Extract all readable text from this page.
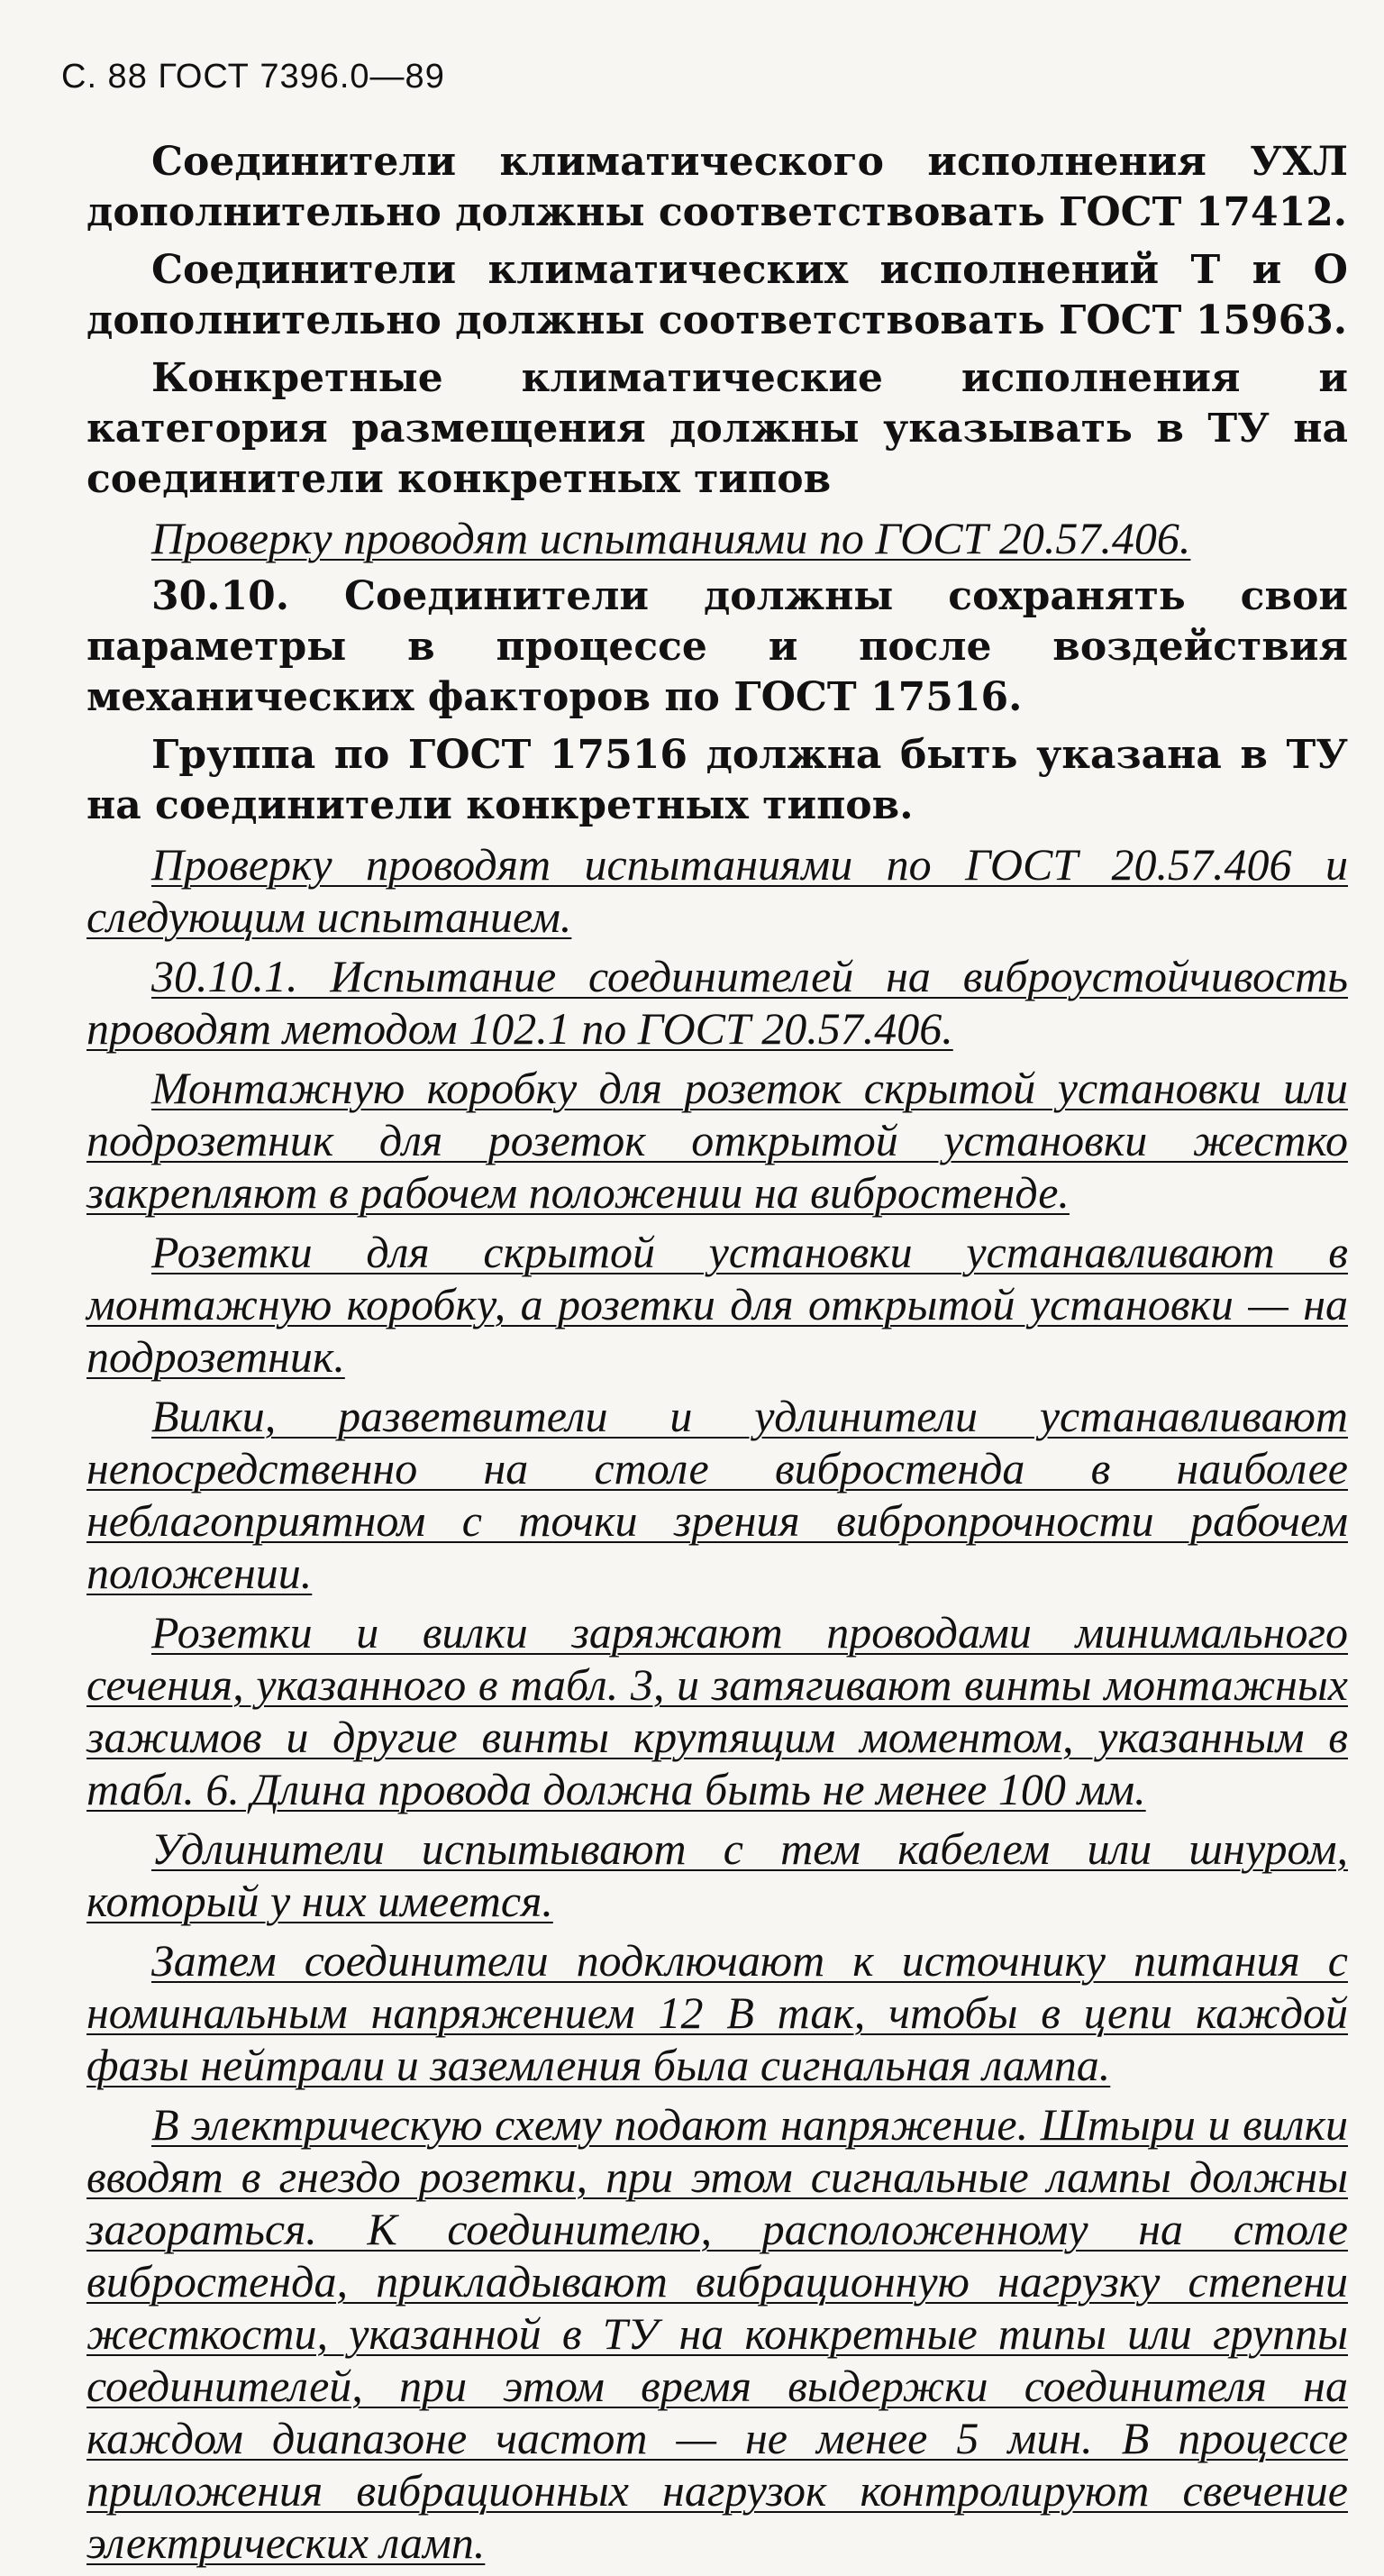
С. 88 ГОСТ 7396.0—89

Соединители климатического исполнения УХЛ дополнительно должны соответствовать ГОСТ 17412.

Соединители климатических исполнений Т и О дополнительно должны соответствовать ГОСТ 15963.

Конкретные климатические исполнения и категория размещения должны указывать в ТУ на соединители конкретных типов

Проверку проводят испытаниями по ГОСТ 20.57.406.

30.10. Соединители должны сохранять свои параметры в процессе и после воздействия механических факторов по ГОСТ 17516.

Группа по ГОСТ 17516 должна быть указана в ТУ на соединители конкретных типов.

Проверку проводят испытаниями по ГОСТ 20.57.406 и следующим испытанием.

30.10.1. Испытание соединителей на виброустойчивость проводят методом 102.1 по ГОСТ 20.57.406.

Монтажную коробку для розеток скрытой установки или подрозетник для розеток открытой установки жестко закрепляют в рабочем положении на вибростенде.

Розетки для скрытой установки устанавливают в монтажную коробку, а розетки для открытой установки — на подрозетник.

Вилки, разветвители и удлинители устанавливают непосредственно на столе вибростенда в наиболее неблагоприятном с точки зрения вибропрочности рабочем положении.

Розетки и вилки заряжают проводами минимального сечения, указанного в табл. 3, и затягивают винты монтажных зажимов и другие винты крутящим моментом, указанным в табл. 6. Длина провода должна быть не менее 100 мм.

Удлинители испытывают с тем кабелем или шнуром, который у них имеется.

Затем соединители подключают к источнику питания с номинальным напряжением 12 В так, чтобы в цепи каждой фазы нейтрали и заземления была сигнальная лампа.

В электрическую схему подают напряжение. Штыри и вилки вводят в гнездо розетки, при этом сигнальные лампы должны загораться. К соединителю, расположенному на столе вибростенда, прикладывают вибрационную нагрузку степени жесткости, указанной в ТУ на конкретные типы или группы соединителей, при этом время выдержки соединителя на каждом диапазоне частот — не менее 5 мин. В процессе приложения вибрационных нагрузок контролируют свечение электрических ламп.
